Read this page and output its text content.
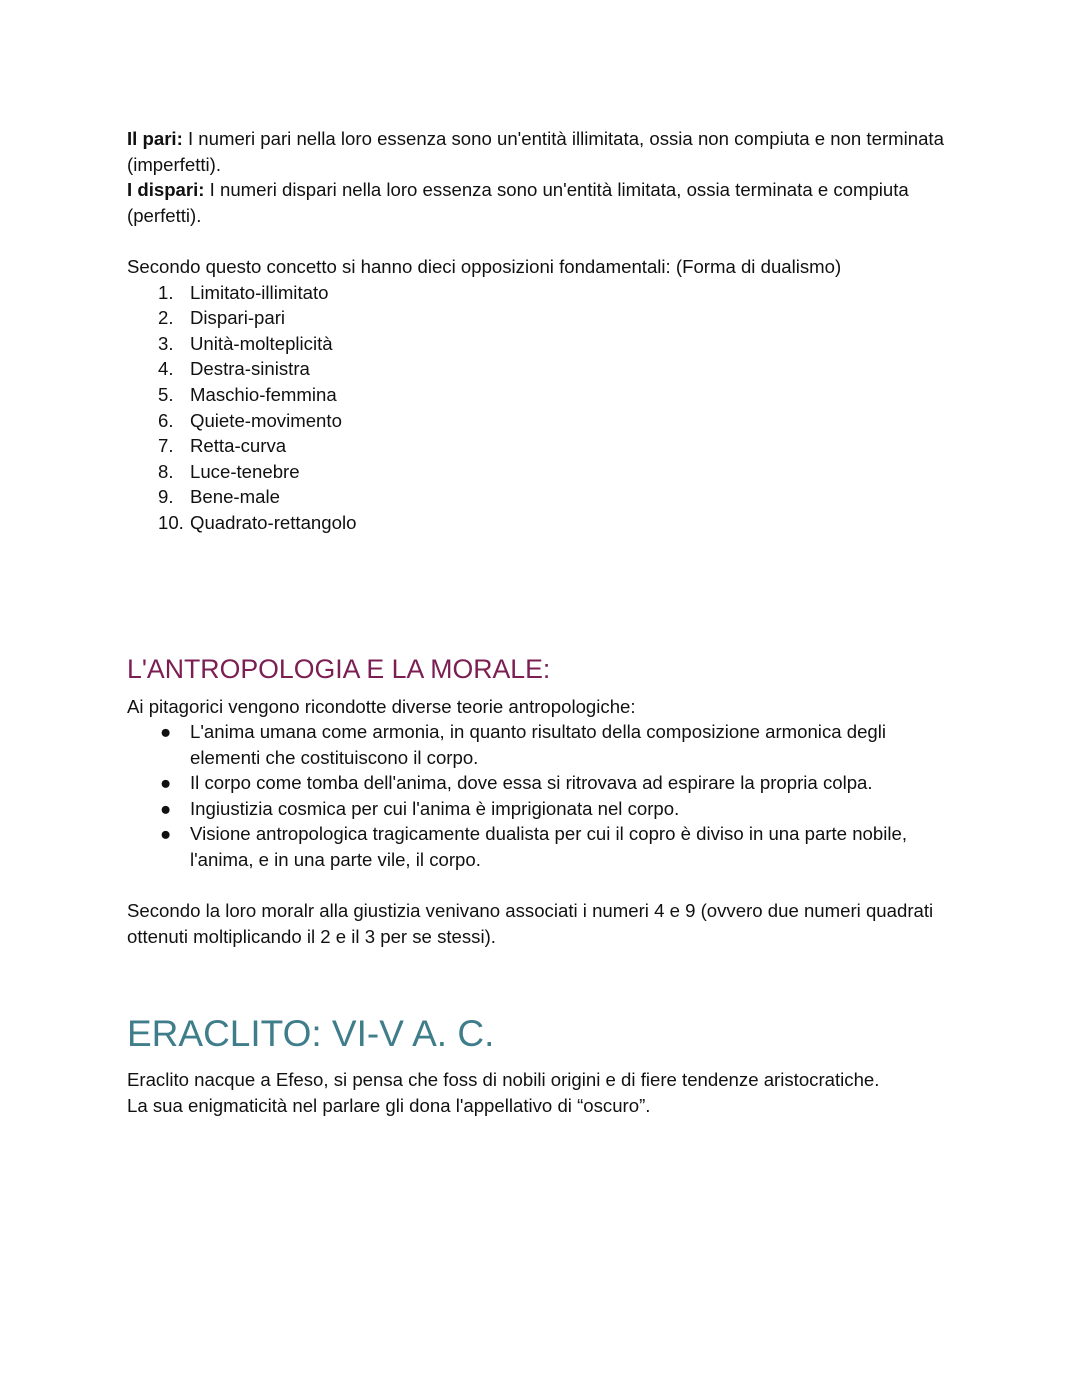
Il pari: I numeri pari nella loro essenza sono un'entità illimitata, ossia non compiuta e non terminata (imperfetti).

I dispari: I numeri dispari nella loro essenza sono un'entità limitata, ossia terminata e compiuta (perfetti).

Secondo questo concetto si hanno dieci opposizioni fondamentali: (Forma di dualismo)

1. Limitato-illimitato
2. Dispari-pari
3. Unità-molteplicità
4. Destra-sinistra
5. Maschio-femmina
6. Quiete-movimento
7. Retta-curva
8. Luce-tenebre
9. Bene-male
10. Quadrato-rettangolo
L'ANTROPOLOGIA E LA MORALE:

Ai pitagorici vengono ricondotte diverse teorie antropologiche:

● L'anima umana come armonia, in quanto risultato della composizione armonica degli elementi che costituiscono il corpo.
● Il corpo come tomba dell'anima, dove essa si ritrovava ad espirare la propria colpa.
● Ingiustizia cosmica per cui l'anima è imprigionata nel corpo.
● Visione antropologica tragicamente dualista per cui il copro è diviso in una parte nobile, l'anima, e in una parte vile, il corpo.

Secondo la loro moralr alla giustizia venivano associati i numeri 4 e 9 (ovvero due numeri quadrati ottenuti moltiplicando il 2 e il 3 per se stessi).

ERACLITO: VI-V A. C.

Eraclito nacque a Efeso, si pensa che foss di nobili origini e di fiere tendenze aristocratiche.

La sua enigmaticità nel parlare gli dona l'appellativo di “oscuro”.
